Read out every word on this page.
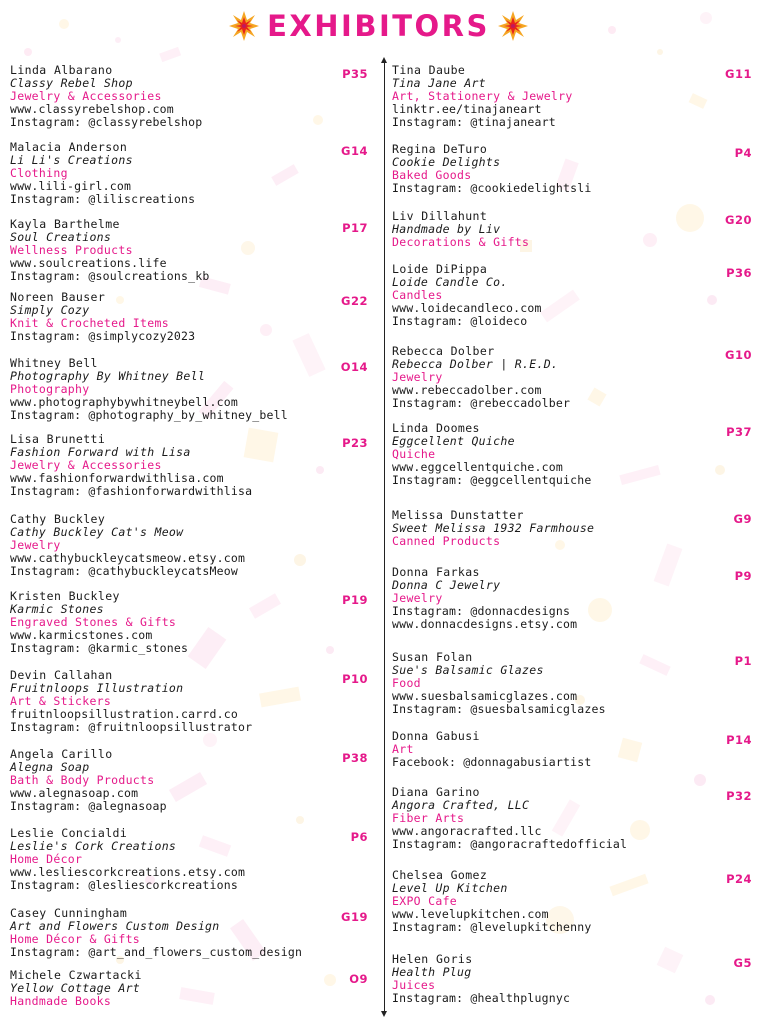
EXHIBITORS
Linda Albarano
Classy Rebel Shop
Jewelry & Accessories
www.classyrebelshop.com
Instagram: @classyrebelshop
P35
Malacia Anderson
Li Li's Creations
Clothing
www.lili-girl.com
Instagram: @liliscreations
G14
Kayla Barthelme
Soul Creations
Wellness Products
www.soulcreations.life
Instagram: @soulcreations_kb
P17
Noreen Bauser
Simply Cozy
Knit & Crocheted Items
Instagram: @simplycozy2023
G22
Whitney Bell
Photography By Whitney Bell
Photography
www.photographybywhitneybell.com
Instagram: @photography_by_whitney_bell
O14
Lisa Brunetti
Fashion Forward with Lisa
Jewelry & Accessories
www.fashionforwardwithlisa.com
Instagram: @fashionforwardwithlisa
P23
Cathy Buckley
Cathy Buckley Cat's Meow
Jewelry
www.cathybuckleycatsmeow.etsy.com
Instagram: @cathybuckleycatsMeow
Kristen Buckley
Karmic Stones
Engraved Stones & Gifts
www.karmicstones.com
Instagram: @karmic_stones
P19
Devin Callahan
Fruitnloops Illustration
Art & Stickers
fruitnloopsillustration.carrd.co
Instagram: @fruitnloopsillustrator
P10
Angela Carillo
Alegna Soap
Bath & Body Products
www.alegnasoap.com
Instagram: @alegnasoap
P38
Leslie Concialdi
Leslie's Cork Creations
Home Décor
www.lesliescorkcreations.etsy.com
Instagram: @lesliescorkcreations
P6
Casey Cunningham
Art and Flowers Custom Design
Home Décor & Gifts
Instagram: @art_and_flowers_custom_design
G19
Michele Czwartacki
Yellow Cottage Art
Handmade Books
O9
Tina Daube
Tina Jane Art
Art, Stationery & Jewelry
linktr.ee/tinajaneart
Instagram: @tinajaneart
G11
Regina DeTuro
Cookie Delights
Baked Goods
Instagram: @cookiedelightsli
P4
Liv Dillahunt
Handmade by Liv
Decorations & Gifts
G20
Loide DiPippa
Loide Candle Co.
Candles
www.loidecandleco.com
Instagram: @loideco
P36
Rebecca Dolber
Rebecca Dolber | R.E.D.
Jewelry
www.rebeccadolber.com
Instagram: @rebeccadolber
G10
Linda Doomes
Eggcellent Quiche
Quiche
www.eggcellentquiche.com
Instagram: @eggcellentquiche
P37
Melissa Dunstatter
Sweet Melissa 1932 Farmhouse
Canned Products
G9
Donna Farkas
Donna C Jewelry
Jewelry
Instagram: @donnacdesigns
www.donnacdesigns.etsy.com
P9
Susan Folan
Sue's Balsamic Glazes
Food
www.suesbalsamicglazes.com
Instagram: @suesbalsamicglazes
P1
Donna Gabusi
Art
Facebook: @donnagabusiartist
P14
Diana Garino
Angora Crafted, LLC
Fiber Arts
www.angoracrafted.llc
Instagram: @angoracraftedofficial
P32
Chelsea Gomez
Level Up Kitchen
EXPO Cafe
www.levelupkitchen.com
Instagram: @levelupkitchenny
P24
Helen Goris
Health Plug
Juices
Instagram: @healthplugnyc
G5
